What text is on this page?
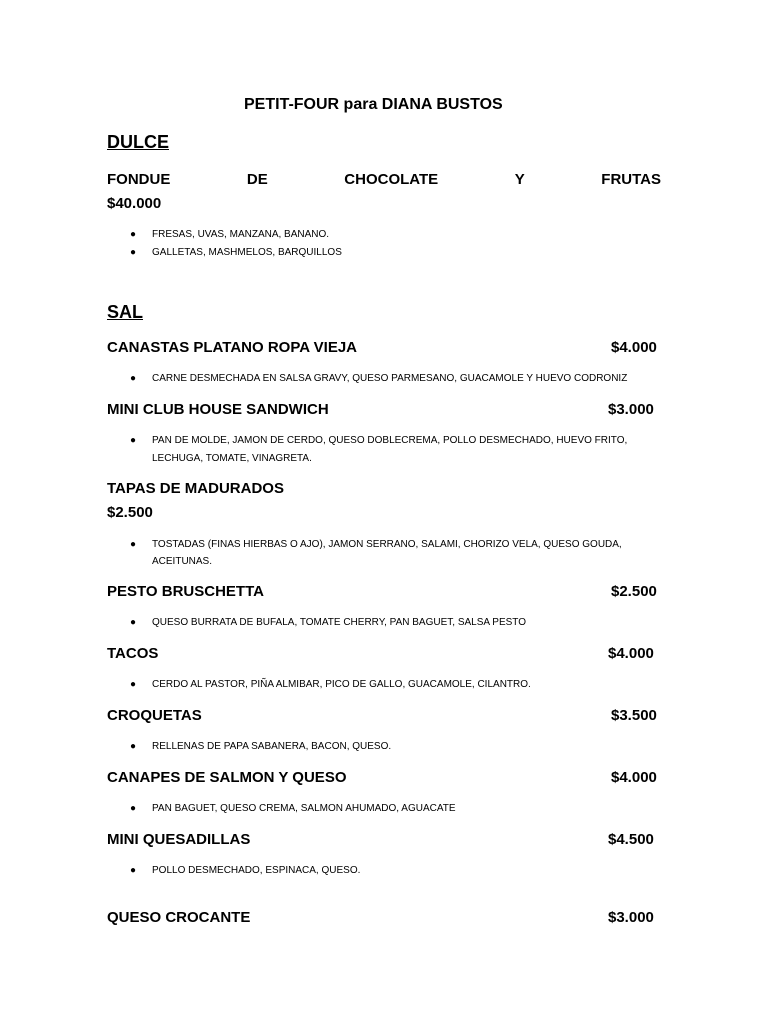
PETIT-FOUR para DIANA BUSTOS
DULCE
FONDUE	DE	CHOCOLATE	Y	FRUTAS
$40.000
● FRESAS, UVAS, MANZANA, BANANO.
● GALLETAS, MASHMELOS, BARQUILLOS
SAL
CANASTAS PLATANO ROPA VIEJA	$4.000
● CARNE DESMECHADA EN SALSA GRAVY, QUESO PARMESANO, GUACAMOLE Y HUEVO CODRONIZ
MINI CLUB HOUSE SANDWICH	$3.000
● PAN DE MOLDE, JAMON DE CERDO, QUESO DOBLECREMA, POLLO DESMECHADO, HUEVO FRITO,
LECHUGA, TOMATE, VINAGRETA.
TAPAS DE MADURADOS
$2.500
● TOSTADAS (FINAS HIERBAS O AJO), JAMON SERRANO, SALAMI, CHORIZO VELA, QUESO GOUDA,
ACEITUNAS.
PESTO BRUSCHETTA	$2.500
● QUESO BURRATA DE BUFALA, TOMATE CHERRY, PAN BAGUET, SALSA PESTO
TACOS	$4.000
● CERDO AL PASTOR, PIÑA ALMIBAR, PICO DE GALLO, GUACAMOLE, CILANTRO.
CROQUETAS	$3.500
● RELLENAS DE PAPA SABANERA, BACON, QUESO.
CANAPES DE SALMON Y QUESO	$4.000
● PAN BAGUET, QUESO CREMA, SALMON AHUMADO, AGUACATE
MINI QUESADILLAS	$4.500
● POLLO DESMECHADO, ESPINACA, QUESO.
QUESO CROCANTE	$3.000
